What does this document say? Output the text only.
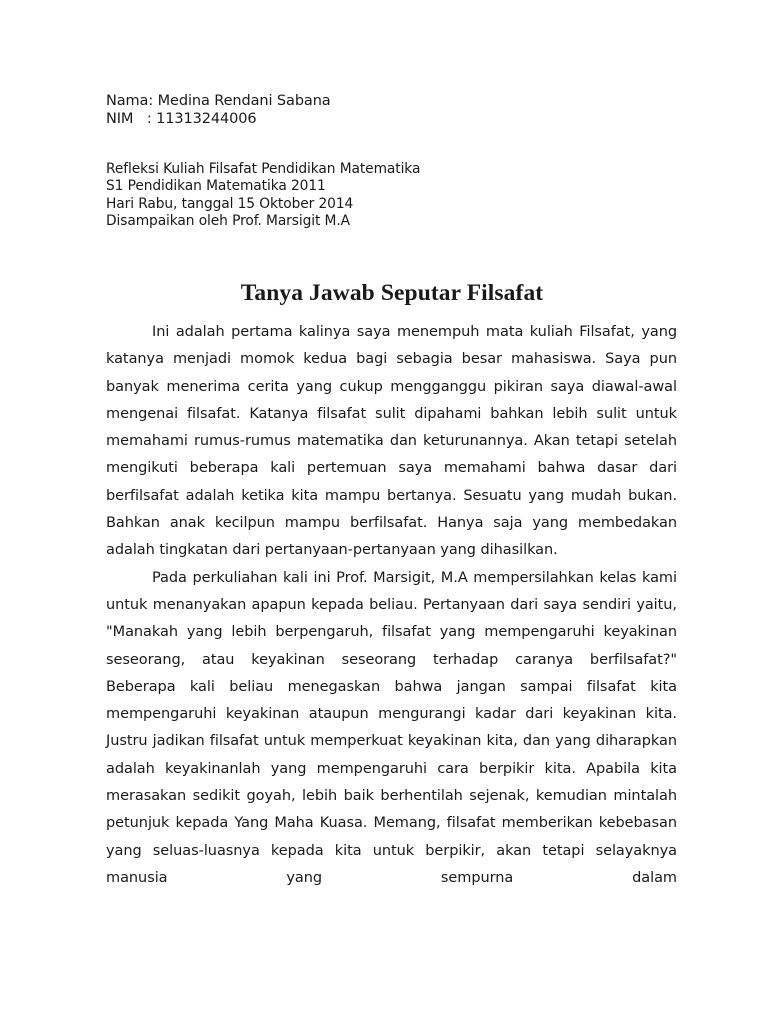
Nama: Medina Rendani Sabana
NIM   : 11313244006
Refleksi Kuliah Filsafat Pendidikan Matematika
S1 Pendidikan Matematika 2011
Hari Rabu, tanggal 15 Oktober 2014
Disampaikan oleh Prof. Marsigit M.A
Tanya Jawab Seputar Filsafat

Ini adalah pertama kalinya saya menempuh mata kuliah Filsafat, yang katanya menjadi momok kedua bagi sebagia besar mahasiswa. Saya pun banyak menerima cerita yang cukup mengganggu pikiran saya diawal-awal mengenai filsafat. Katanya filsafat sulit dipahami bahkan lebih sulit untuk memahami rumus-rumus matematika dan keturunannya. Akan tetapi setelah mengikuti beberapa kali pertemuan saya memahami bahwa dasar dari berfilsafat adalah ketika kita mampu bertanya. Sesuatu yang mudah bukan. Bahkan anak kecilpun mampu berfilsafat. Hanya saja yang membedakan adalah tingkatan dari pertanyaan-pertanyaan yang dihasilkan.

Pada perkuliahan kali ini Prof. Marsigit, M.A mempersilahkan kelas kami untuk menanyakan apapun kepada beliau. Pertanyaan dari saya sendiri yaitu, "Manakah yang lebih berpengaruh, filsafat yang mempengaruhi keyakinan seseorang, atau keyakinan seseorang terhadap caranya berfilsafat?" Beberapa kali beliau menegaskan bahwa jangan sampai filsafat kita mempengaruhi keyakinan ataupun mengurangi kadar dari keyakinan kita. Justru jadikan filsafat untuk memperkuat keyakinan kita, dan yang diharapkan adalah keyakinanlah yang mempengaruhi cara berpikir kita. Apabila kita merasakan sedikit goyah, lebih baik berhentilah sejenak, kemudian mintalah petunjuk kepada Yang Maha Kuasa. Memang, filsafat memberikan kebebasan yang seluas-luasnya kepada kita untuk berpikir, akan tetapi selayaknya manusia yang sempurna dalam
